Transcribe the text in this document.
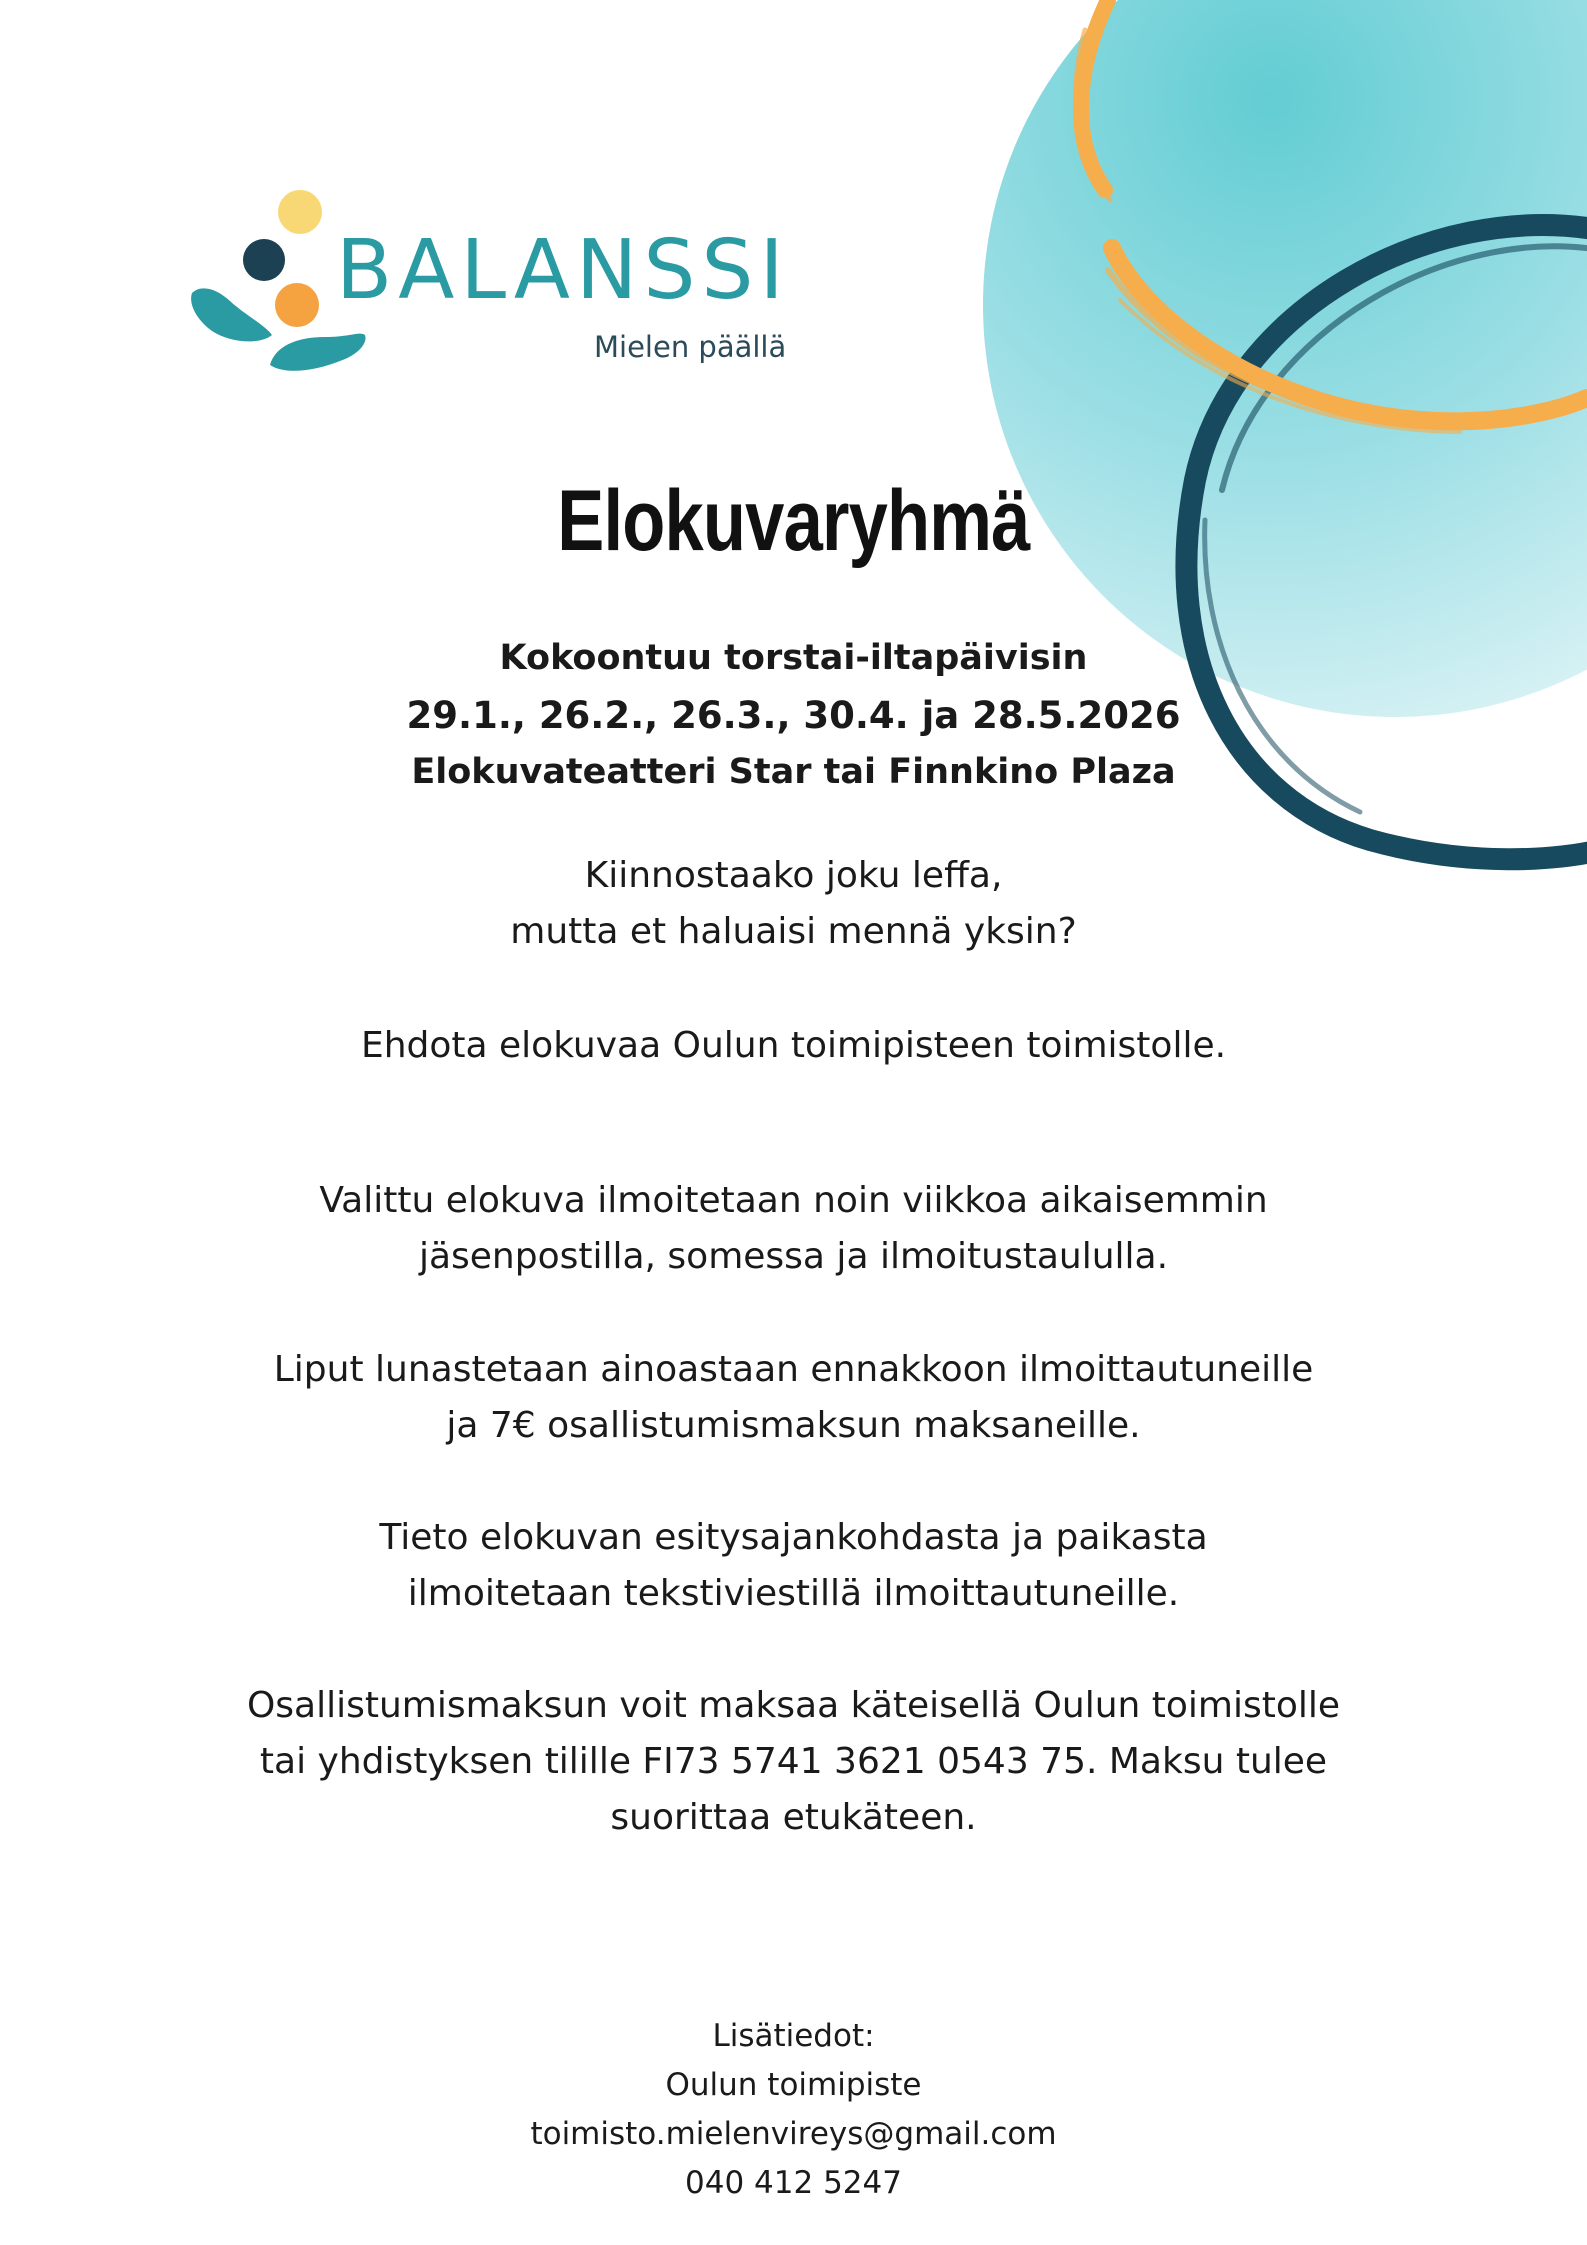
BALANSSI
Mielen päällä
Elokuvaryhmä

Kokoontuu torstai-iltapäivisin

29.1., 26.2., 26.3., 30.4. ja 28.5.2026

Elokuvateatteri Star tai Finnkino Plaza

Kiinnostaako joku leffa,

mutta et haluaisi mennä yksin?

Ehdota elokuvaa Oulun toimipisteen toimistolle.

Valittu elokuva ilmoitetaan noin viikkoa aikaisemmin

jäsenpostilla, somessa ja ilmoitustaululla.

Liput lunastetaan ainoastaan ennakkoon ilmoittautuneille

ja 7€ osallistumismaksun maksaneille.

Tieto elokuvan esitysajankohdasta ja paikasta

ilmoitetaan tekstiviestillä ilmoittautuneille.

Osallistumismaksun voit maksaa käteisellä Oulun toimistolle

tai yhdistyksen tilille FI73 5741 3621 0543 75. Maksu tulee

suorittaa etukäteen.

Lisätiedot:

Oulun toimipiste

toimisto.mielenvireys@gmail.com

040 412 5247
